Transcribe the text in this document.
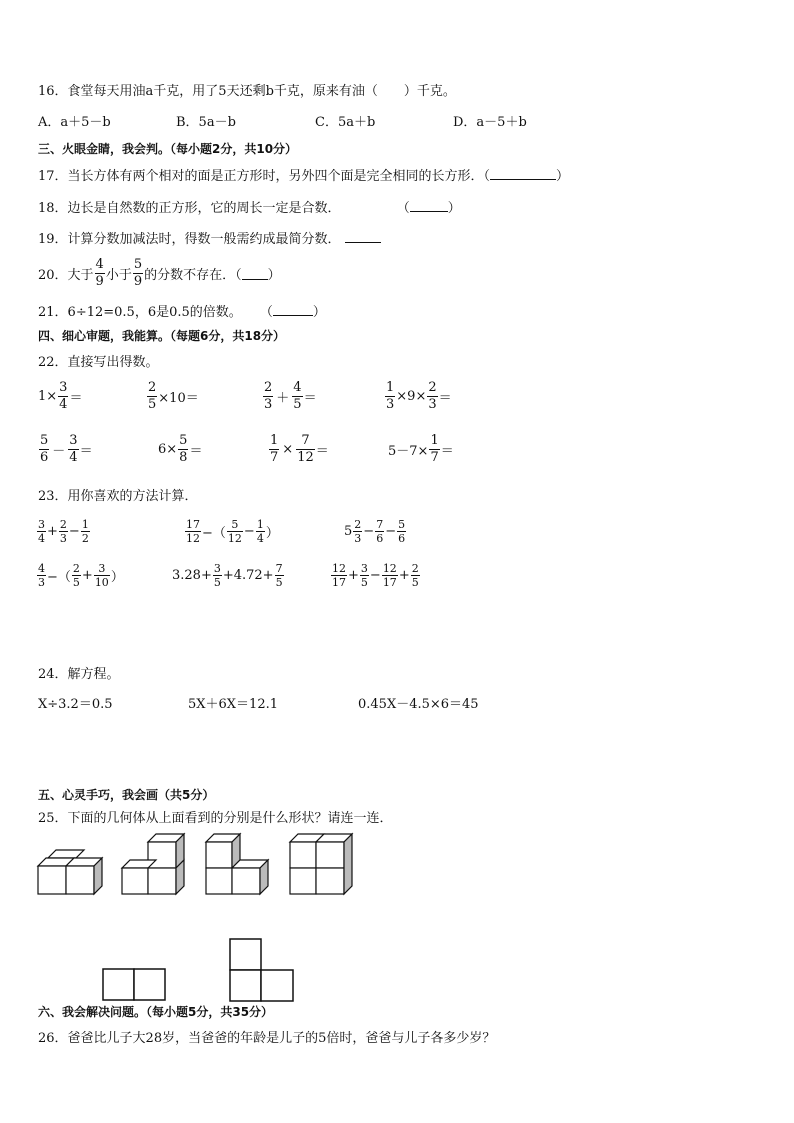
16．食堂每天用油a千克，用了5天还剩b千克，原来有油（　　）千克。
A．a＋5－b	B．5a－b	C．5a＋b	D．a－5＋b
三、火眼金睛，我会判。（每小题2分，共10分）
17．当长方体有两个相对的面是正方形时，另外四个面是完全相同的长方形．（	）
18．边长是自然数的正方形，它的周长一定是合数．	（	）
19．计算分数加减法时，得数一般需约成最简分数．
20．大于 $\frac{4}{9}$ 小于 $\frac{5}{9}$ 的分数不存在．（ ）
21．6÷12=0.5，6是0.5的倍数。 （	）
四、细心审题，我能算。（每题6分，共18分）
22．直接写出得数。
$1\times \frac{3}{4}$ ＝	$\frac{2}{5} \times 10=$	$\frac{2}{3} + \frac{4}{5}$ ＝	$\frac{1}{3} \times 9\times \frac{2}{3}$ ＝
$\frac{5}{6} - \frac{3}{4}$ ＝	$6\times \frac{5}{8}$ ＝	$\frac{1}{7} \times \frac{7}{12}$ ＝	$5-7\times \frac{1}{7}$ ＝
23．用你喜欢的方法计算．
$\frac{3}{4} + \frac{2}{3} - \frac{1}{2}$	$\frac{17}{12}$ −（ $\frac{5}{12} - \frac{1}{4}$ ）	$5 \frac{2}{3} - \frac{7}{6} - \frac{5}{6}$
$\frac{4}{3}$ −（ $\frac{2}{5} + \frac{3}{10}$ ）	$3.28+ \frac{3}{5} +4.72+ \frac{7}{5}$	$\frac{12}{17} + \frac{3}{5} - \frac{12}{17} + \frac{2}{5}$
24．解方程。
X÷3.2＝0.5	5X＋6X＝12.1	0.45X－4.5×6＝45
五、心灵手巧，我会画（共5分）
25．下面的几何体从上面看到的分别是什么形状？请连一连．
六、我会解决问题。（每小题5分，共35分）
26．爸爸比儿子大28岁，当爸爸的年龄是儿子的5倍时，爸爸与儿子各多少岁？
